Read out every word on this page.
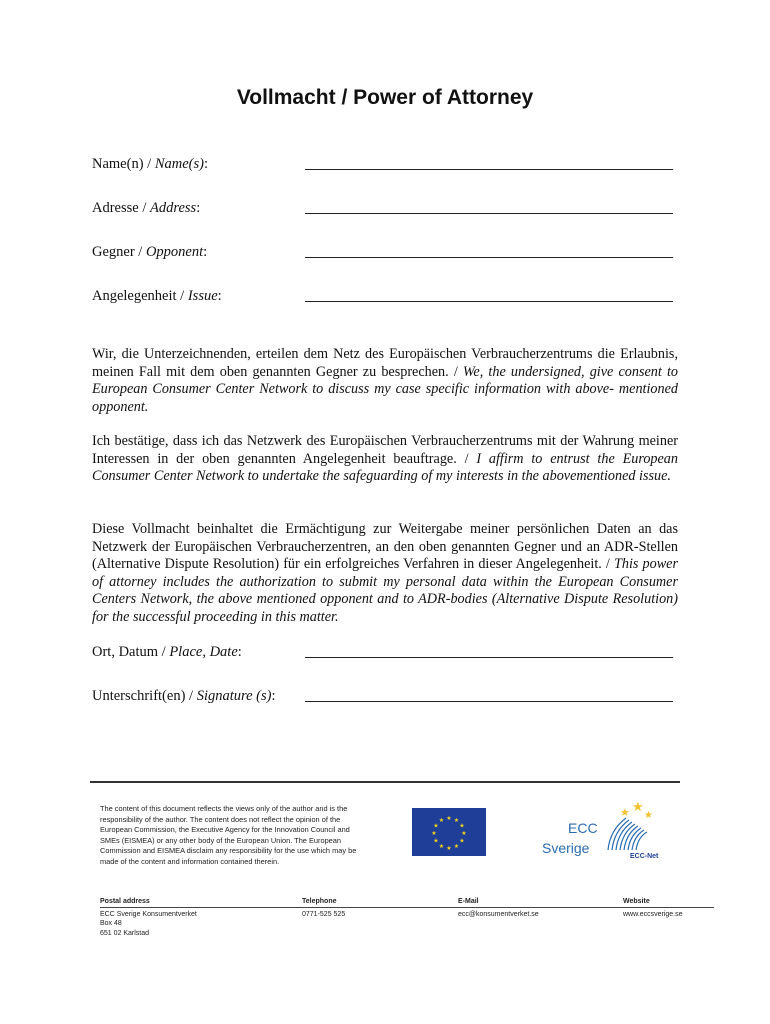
Vollmacht / Power of Attorney
Name(n) / Name(s):
Adresse / Address:
Gegner / Opponent:
Angelegenheit / Issue:
Wir, die Unterzeichnenden, erteilen dem Netz des Europäischen Verbraucherzentrums die Erlaubnis, meinen Fall mit dem oben genannten Gegner zu besprechen. / We, the undersigned, give consent to European Consumer Center Network to discuss my case specific information with above- mentioned opponent.
Ich bestätige, dass ich das Netzwerk des Europäischen Verbraucherzentrums mit der Wahrung meiner Interessen in der oben genannten Angelegenheit beauftrage. / I affirm to entrust the European Consumer Center Network to undertake the safeguarding of my interests in the abovementioned issue.
Diese Vollmacht beinhaltet die Ermächtigung zur Weitergabe meiner persönlichen Daten an das Netzwerk der Europäischen Verbraucherzentren, an den oben genannten Gegner und an ADR-Stellen (Alternative Dispute Resolution) für ein erfolgreiches Verfahren in dieser Angelegenheit. / This power of attorney includes the authorization to submit my personal data within the European Consumer Centers Network, the above mentioned opponent and to ADR-bodies (Alternative Dispute Resolution) for the successful proceeding in this matter.
Ort, Datum / Place, Date:
Unterschrift(en) / Signature (s):
The content of this document reflects the views only of the author and is the responsibility of the author. The content does not reflect the opinion of the European Commission, the Executive Agency for the Innovation Council and SMEs (EISMEA) or any other body of the European Union. The European Commission and EISMEA disclaim any responsibility for the use which may be made of the content and information contained therein.
★ ★
★
★
★
★
★
★
★
★
★
★	ECC
Sverige
★ ★
★
ECC-Net
Postal address
ECC Sverige Konsumentverket
Box 48
651 02 Karlstad
Telephone
0771-525 525
E-Mail
ecc@konsumentverket.se
Website
www.eccsverige.se
